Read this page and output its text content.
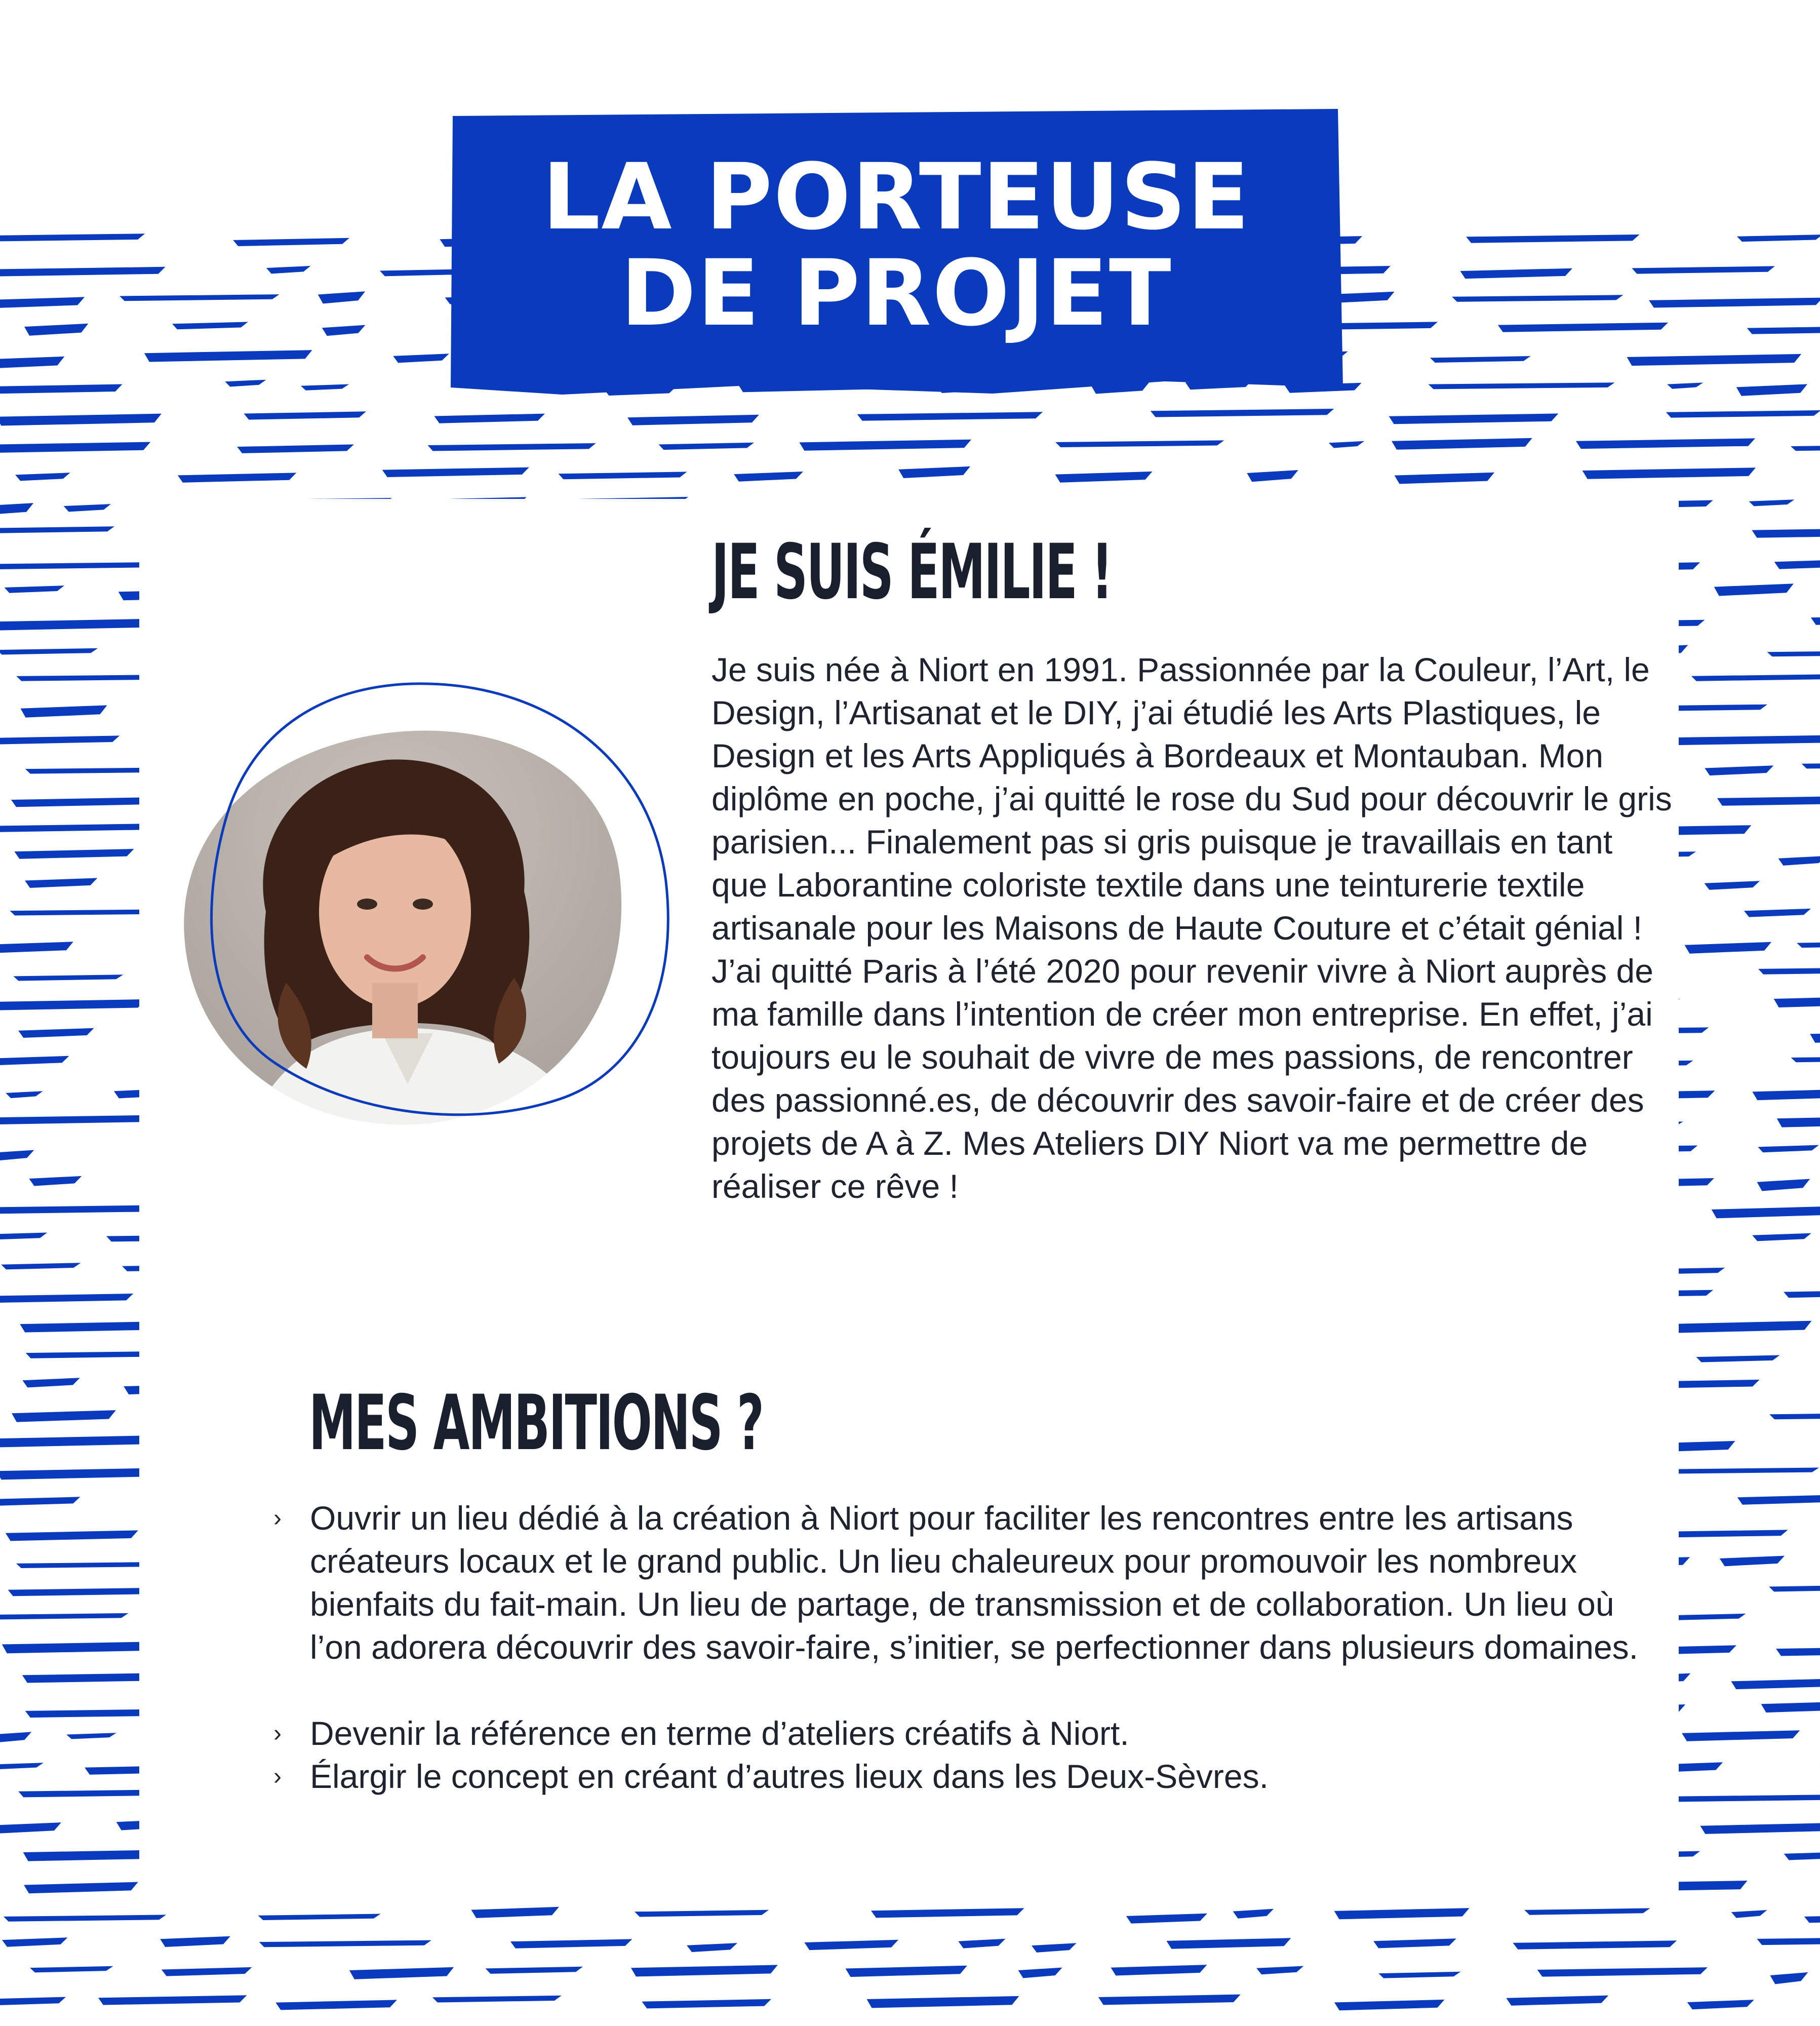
LA PORTEUSE
DE PROJET
JE SUIS ÉMILIE !

Je suis née à Niort en 1991. Passionnée par la Couleur, l’Art, le Design, l’Artisanat et le DIY, j’ai étudié les Arts Plastiques, le Design et les Arts Appliqués à Bordeaux et Montauban. Mon diplôme en poche, j’ai quitté le rose du Sud pour découvrir le gris parisien... Finalement pas si gris puisque je travaillais en tant que Laborantine coloriste textile dans une teinturerie textile artisanale pour les Maisons de Haute Couture et c’était génial !

J’ai quitté Paris à l’été 2020 pour revenir vivre à Niort auprès de ma famille dans l’intention de créer mon entreprise. En effet, j’ai toujours eu le souhait de vivre de mes passions, de rencontrer des passionné.es, de découvrir des savoir-faire et de créer des projets de A à Z. Mes Ateliers DIY Niort va me permettre de réaliser ce rêve !

MES AMBITIONS ?
› Ouvrir un lieu dédié à la création à Niort pour faciliter les rencontres entre les artisans créateurs locaux et le grand public. Un lieu chaleureux pour promouvoir les nombreux bienfaits du fait-main. Un lieu de partage, de transmission et de collaboration. Un lieu où l’on adorera découvrir des savoir-faire, s’initier, se perfectionner dans plusieurs domaines.
› Devenir la référence en terme d’ateliers créatifs à Niort.
› Élargir le concept en créant d’autres lieux dans les Deux-Sèvres.
